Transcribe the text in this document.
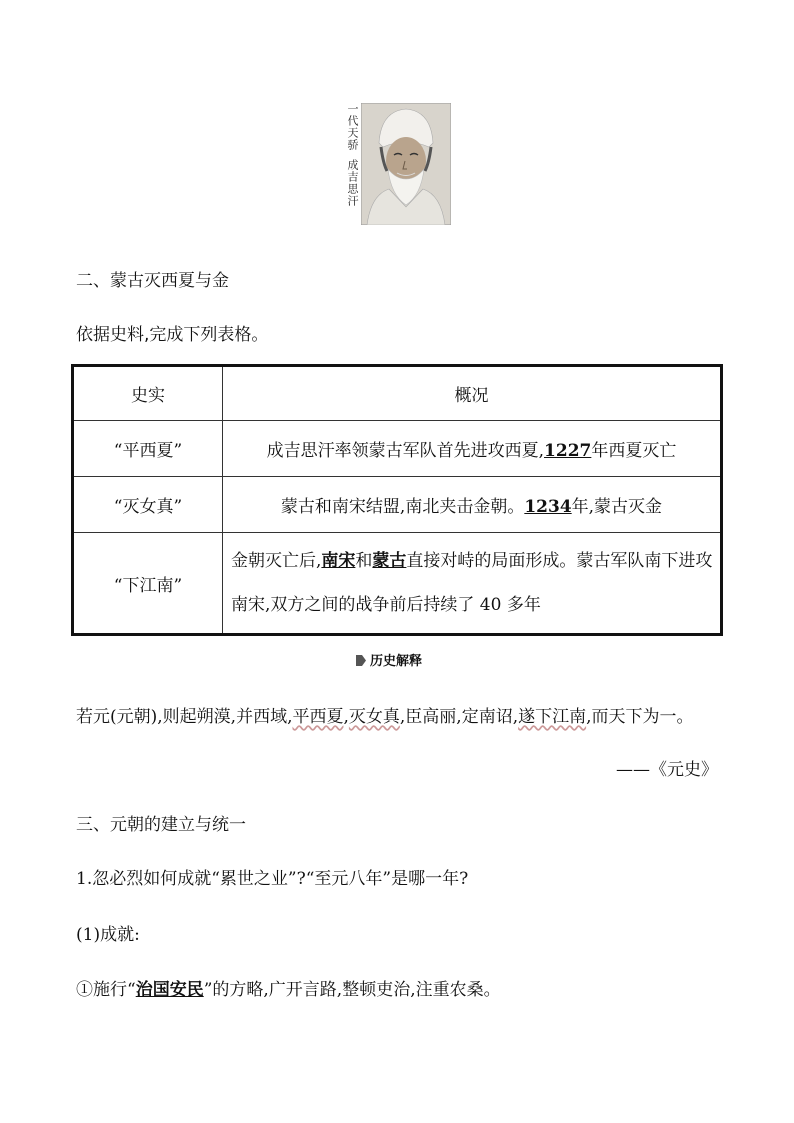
一代天骄成吉思汗
二、蒙古灭西夏与金
依据史料,完成下列表格。
史实	概况
“平西夏”	成吉思汗率领蒙古军队首先进攻西夏,1227年西夏灭亡
“灭女真”	蒙古和南宋结盟,南北夹击金朝。1234年,蒙古灭金
“下江南”	金朝灭亡后,南宋和蒙古直接对峙的局面形成。蒙古军队南下进攻南宋,双方之间的战争前后持续了 40 多年
历史解释
若元(元朝),则起朔漠,并西域,平西夏,灭女真,臣高丽,定南诏,遂下江南,而天下为一。
——《元史》
三、元朝的建立与统一
1.忽必烈如何成就“累世之业”?“至元八年”是哪一年?
(1)成就:
①施行“治国安民”的方略,广开言路,整顿吏治,注重农桑。
